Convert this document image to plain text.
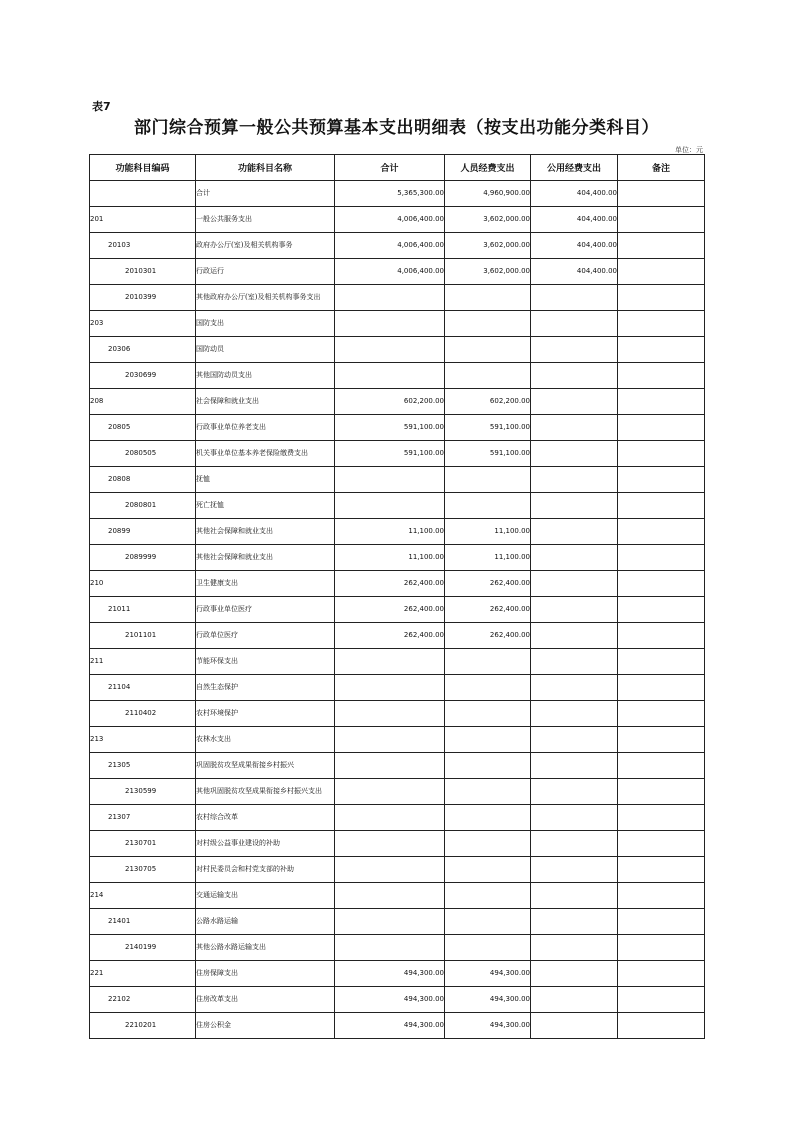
表7
部门综合预算一般公共预算基本支出明细表（按支出功能分类科目）
单位：元
功能科目编码	功能科目名称	合计	人员经费支出	公用经费支出	备注
	合计	5,365,300.00	4,960,900.00	404,400.00	
201	一般公共服务支出	4,006,400.00	3,602,000.00	404,400.00	
20103	政府办公厅(室)及相关机构事务	4,006,400.00	3,602,000.00	404,400.00	
2010301	行政运行	4,006,400.00	3,602,000.00	404,400.00	
2010399	其他政府办公厅(室)及相关机构事务支出				
203	国防支出				
20306	国防动员				
2030699	其他国防动员支出				
208	社会保障和就业支出	602,200.00	602,200.00		
20805	行政事业单位养老支出	591,100.00	591,100.00		
2080505	机关事业单位基本养老保险缴费支出	591,100.00	591,100.00		
20808	抚恤				
2080801	死亡抚恤				
20899	其他社会保障和就业支出	11,100.00	11,100.00		
2089999	其他社会保障和就业支出	11,100.00	11,100.00		
210	卫生健康支出	262,400.00	262,400.00		
21011	行政事业单位医疗	262,400.00	262,400.00		
2101101	行政单位医疗	262,400.00	262,400.00		
211	节能环保支出				
21104	自然生态保护				
2110402	农村环境保护				
213	农林水支出				
21305	巩固脱贫攻坚成果衔接乡村振兴				
2130599	其他巩固脱贫攻坚成果衔接乡村振兴支出				
21307	农村综合改革				
2130701	对村级公益事业建设的补助				
2130705	对村民委员会和村党支部的补助				
214	交通运输支出				
21401	公路水路运输				
2140199	其他公路水路运输支出				
221	住房保障支出	494,300.00	494,300.00		
22102	住房改革支出	494,300.00	494,300.00		
2210201	住房公积金	494,300.00	494,300.00		
